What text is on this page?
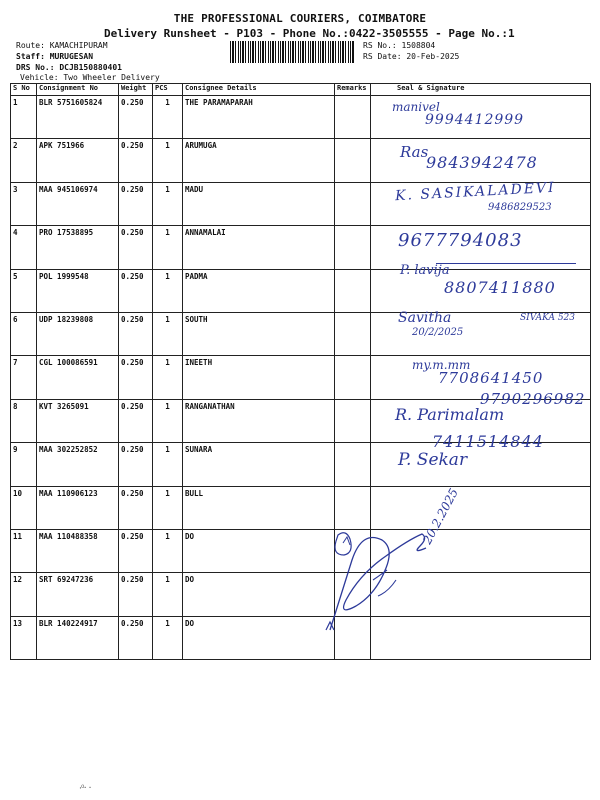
THE PROFESSIONAL COURIERS, COIMBATORE
Delivery Runsheet - P103 - Phone No.:0422-3505555 - Page No.:1
Route: KAMACHIPURAM
Staff: MURUGESAN
DRS No.: DCJB150880401
Vehicle: Two Wheeler Delivery
RS No.: 1508804
RS Date: 20-Feb-2025
S No	Consignment No	Weight	PCS	Consignee Details	Remarks	Seal & Signature
1	BLR 5751605824	0.250	1	THE PARAMAPARAH		
2	APK 751966	0.250	1	ARUMUGA		
3	MAA 945106974	0.250	1	MADU		
4	PRO 17538895	0.250	1	ANNAMALAI		
5	POL 1999548	0.250	1	PADMA		
6	UDP 18239808	0.250	1	SOUTH		
7	CGL 100086591	0.250	1	INEETH		
8	KVT 3265091	0.250	1	RANGANATHAN		
9	MAA 302252852	0.250	1	SUNARA		
10	MAA 110906123	0.250	1	BULL		
11	MAA 110488358	0.250	1	DO		
12	SRT 69247236	0.250	1	DO		
13	BLR 140224917	0.250	1	DO		
manivel
9994412999
Ras
9843942478
K. SASIKALADEVI
9486829523
9677794083

P. lavija
8807411880
Savitha
20/2/2025
SIVAKA 523
my.m.mm
7708641450
9790296982
R. Parimalam
7411514844
P. Sekar
20.2.2025
·ͦ··
